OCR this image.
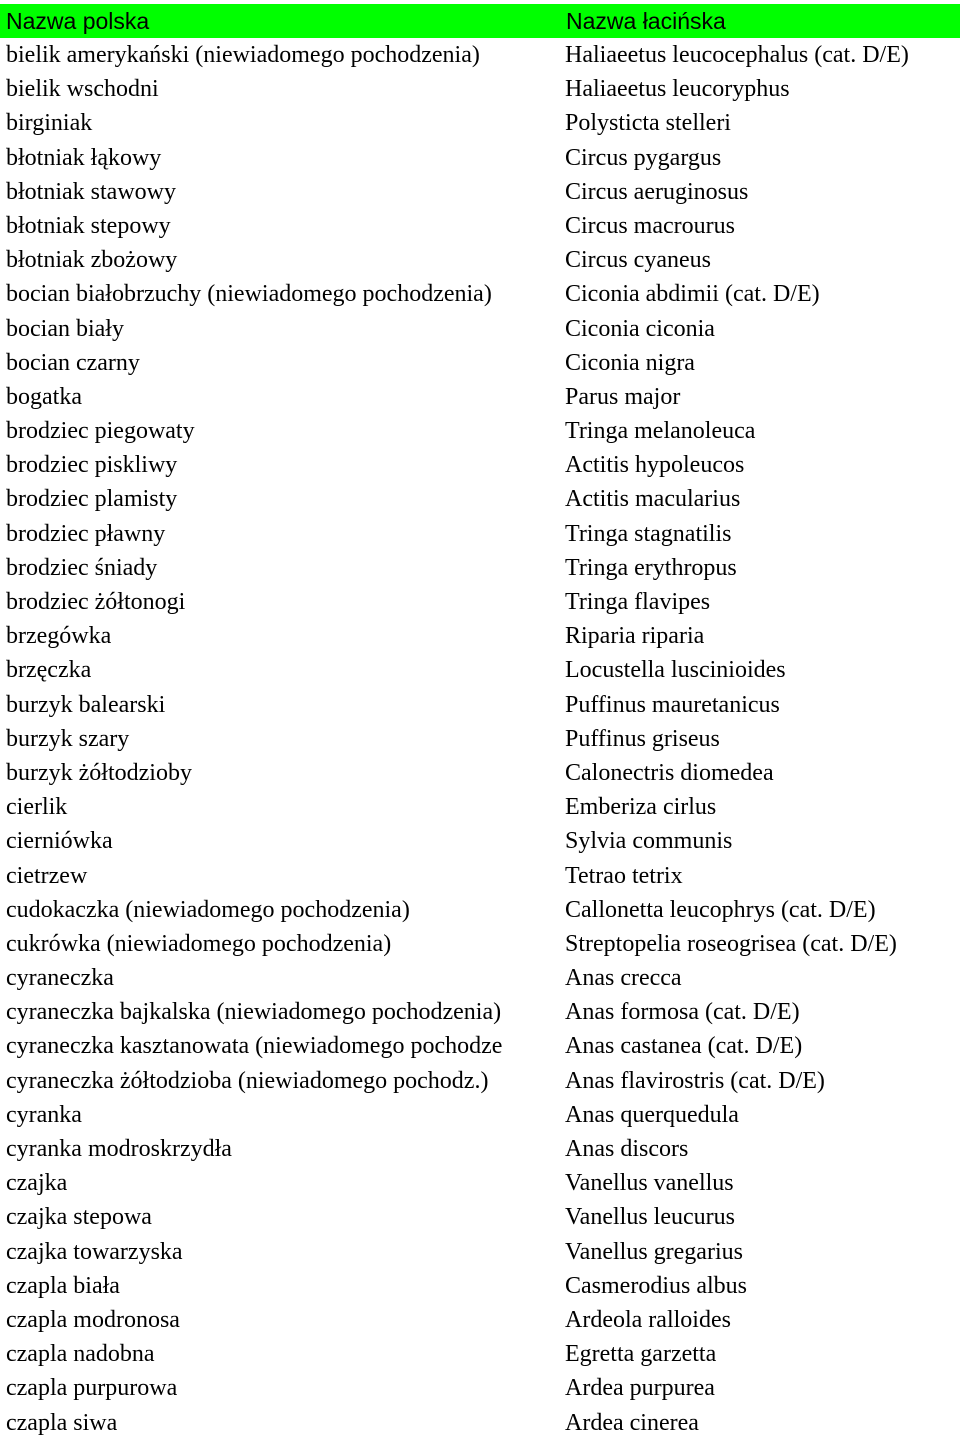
Nazwa polska	Nazwa łacińska
bielik amerykański (niewiadomego pochodzenia)	Haliaeetus leucocephalus (cat. D/E)
bielik wschodni	Haliaeetus leucoryphus
birginiak	Polysticta stelleri
błotniak łąkowy	Circus pygargus
błotniak stawowy	Circus aeruginosus
błotniak stepowy	Circus macrourus
błotniak zbożowy	Circus cyaneus
bocian białobrzuchy (niewiadomego pochodzenia)	Ciconia abdimii (cat. D/E)
bocian biały	Ciconia ciconia
bocian czarny	Ciconia nigra
bogatka	Parus major
brodziec piegowaty	Tringa melanoleuca
brodziec piskliwy	Actitis hypoleucos
brodziec plamisty	Actitis macularius
brodziec pławny	Tringa stagnatilis
brodziec śniady	Tringa erythropus
brodziec żółtonogi	Tringa flavipes
brzegówka	Riparia riparia
brzęczka	Locustella luscinioides
burzyk balearski	Puffinus mauretanicus
burzyk szary	Puffinus griseus
burzyk żółtodzioby	Calonectris diomedea
cierlik	Emberiza cirlus
cierniówka	Sylvia communis
cietrzew	Tetrao tetrix
cudokaczka (niewiadomego pochodzenia)	Callonetta leucophrys (cat. D/E)
cukrówka (niewiadomego pochodzenia)	Streptopelia roseogrisea (cat. D/E)
cyraneczka	Anas crecca
cyraneczka bajkalska (niewiadomego pochodzenia)	Anas formosa (cat. D/E)
cyraneczka kasztanowata (niewiadomego pochodze	Anas castanea (cat. D/E)
cyraneczka żółtodzioba (niewiadomego pochodz.)	Anas flavirostris (cat. D/E)
cyranka	Anas querquedula
cyranka modroskrzydła	Anas discors
czajka	Vanellus vanellus
czajka stepowa	Vanellus leucurus
czajka towarzyska	Vanellus gregarius
czapla biała	Casmerodius albus
czapla modronosa	Ardeola ralloides
czapla nadobna	Egretta garzetta
czapla purpurowa	Ardea purpurea
czapla siwa	Ardea cinerea
